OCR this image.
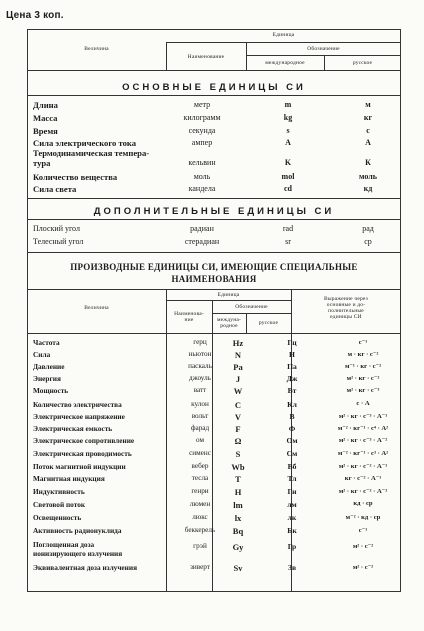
Цена 3 коп.
Величина
Единица
Наименование
Обозначение
международное	русское
ОСНОВНЫЕ ЕДИНИЦЫ СИ
Длина	метр	m	м
Масса	килограмм	kg	кг
Время	секунда	s	с
Сила электрического тока	ампер	A	А
Термодинамическая темпера-
тура	кельвин	K	К
Количество вещества	моль	mol	моль
Сила света	кандела	cd	кд
ДОПОЛНИТЕЛЬНЫЕ ЕДИНИЦЫ СИ
Плоский угол	радиан	rad	рад
Телесный угол	стерадиан	sr	ср
ПРОИЗВОДНЫЕ ЕДИНИЦЫ СИ, ИМЕЮЩИЕ СПЕЦИАЛЬНЫЕ НАИМЕНОВАНИЯ
Величина
Единица
Наименова-
ние
Обозначение
междуна-
родное	русское
Выражение через
основные и до-
полнительные
единицы СИ
Частота	герц	Hz	Гц	с⁻¹
Сила	ньютон	N	Н	м · кг · с⁻²
Давление	паскаль	Pa	Па	м⁻¹ · кг · с⁻²
Энергия	джоуль	J	Дж	м² · кг · с⁻²
Мощность	ватт	W	Вт	м² · кг · с⁻³
Количество электричества	кулон	C	Кл	с · А
Электрическое напряжение	вольт	V	В	м² · кг · с⁻³ · А⁻¹
Электрическая емкость	фарад	F	Ф	м⁻² · кг⁻¹ · с⁴ · А²
Электрическое сопротивление	ом	Ω	Ом	м² · кг · с⁻³ · А⁻²
Электрическая проводимость	сименс	S	См	м⁻² · кг⁻¹ · с³ · А²
Поток магнитной индукции	вебер	Wb	Вб	м² · кг · с⁻² · А⁻¹
Магнитная индукция	тесла	T	Тл	кг · с⁻² · А⁻¹
Индуктивность	генри	H	Гн	м² · кг · с⁻² · А⁻²
Световой поток	люмен	lm	лм	кд · ср
Освещенность	люкс	lx	лк	м⁻² · кд · ср
Активность радионуклида	беккерель	Bq	Бк	с⁻¹
Поглощенная доза
ионизирующего излучения
грэй	Gy	Гр	м² · с⁻²
Эквивалентная доза излучения	зиверт	Sv	Зв	м² · с⁻²
